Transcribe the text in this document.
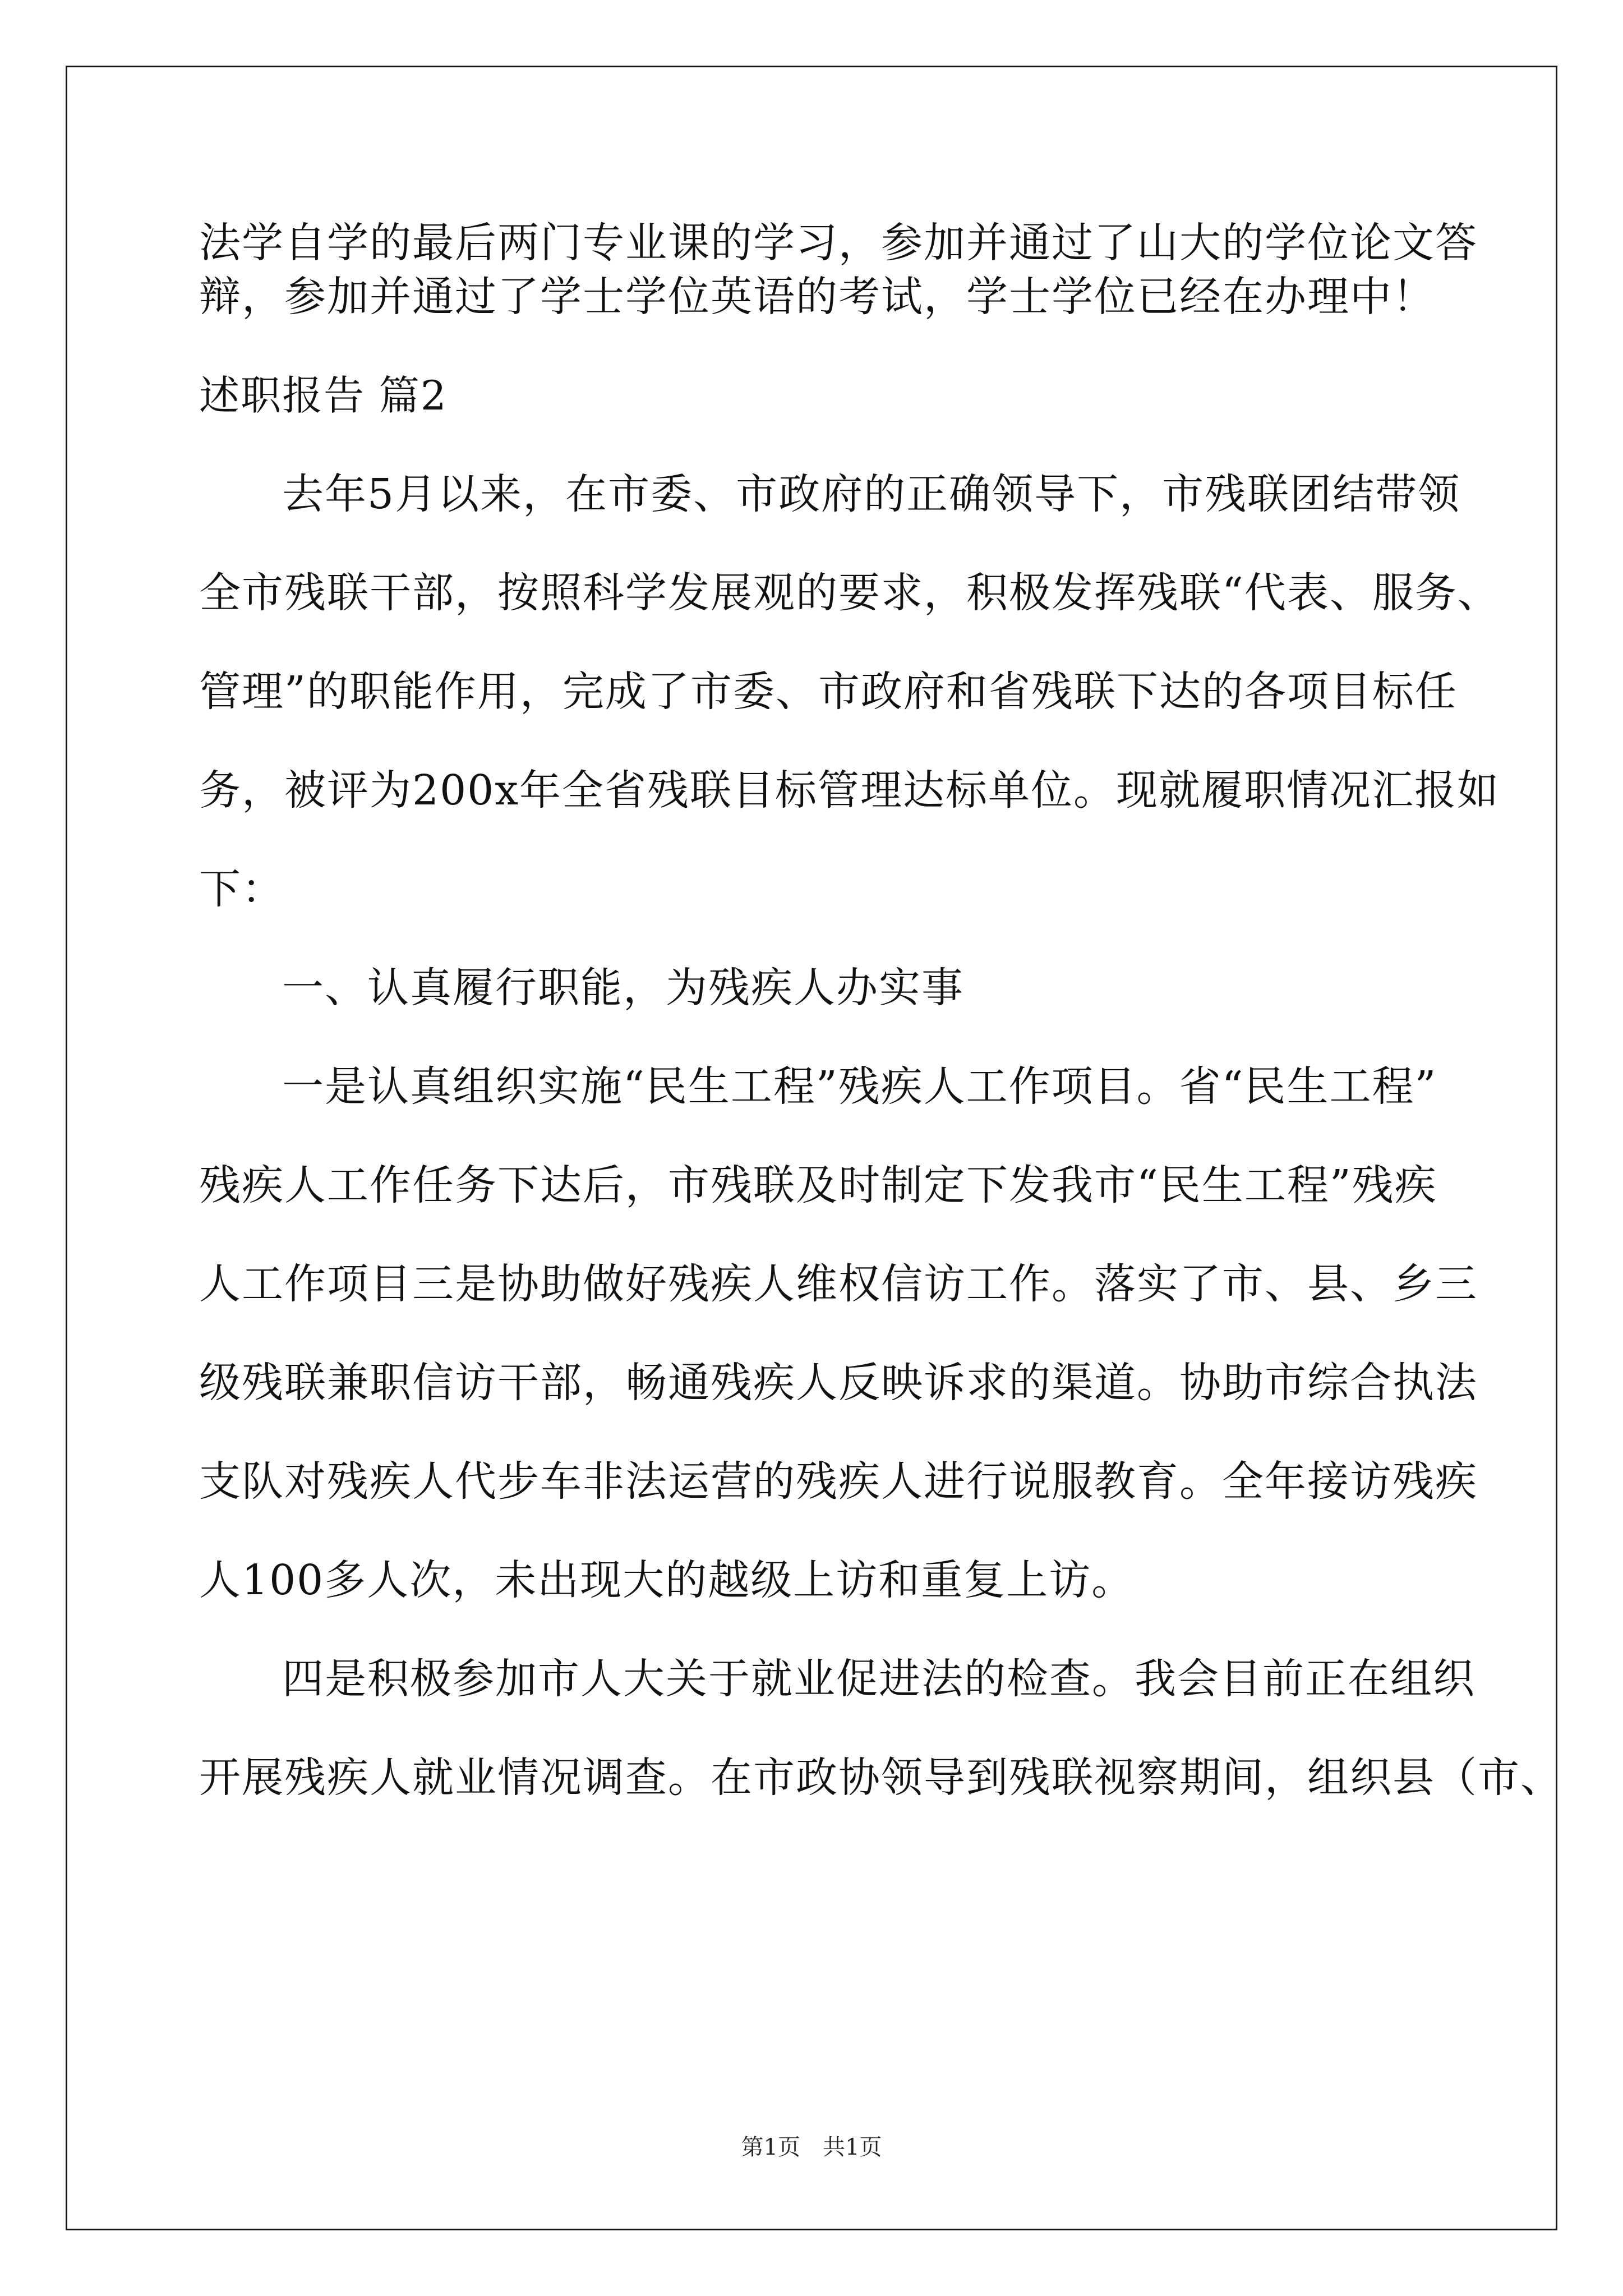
法学自学的最后两门专业课的学习，参加并通过了山大的学位论文答
辩，参加并通过了学士学位英语的考试，学士学位已经在办理中！
述职报告 篇2
去年5月以来，在市委、市政府的正确领导下，市残联团结带领
全市残联干部，按照科学发展观的要求，积极发挥残联“代表、服务、
管理”的职能作用，完成了市委、市政府和省残联下达的各项目标任
务，被评为200x年全省残联目标管理达标单位。现就履职情况汇报如
下：
一、认真履行职能，为残疾人办实事
一是认真组织实施“民生工程”残疾人工作项目。省“民生工程”
残疾人工作任务下达后，市残联及时制定下发我市“民生工程”残疾
人工作项目三是协助做好残疾人维权信访工作。落实了市、县、乡三
级残联兼职信访干部，畅通残疾人反映诉求的渠道。协助市综合执法
支队对残疾人代步车非法运营的残疾人进行说服教育。全年接访残疾
人100多人次，未出现大的越级上访和重复上访。
四是积极参加市人大关于就业促进法的检查。我会目前正在组织
开展残疾人就业情况调查。在市政协领导到残联视察期间，组织县（市、
第1页　共1页
